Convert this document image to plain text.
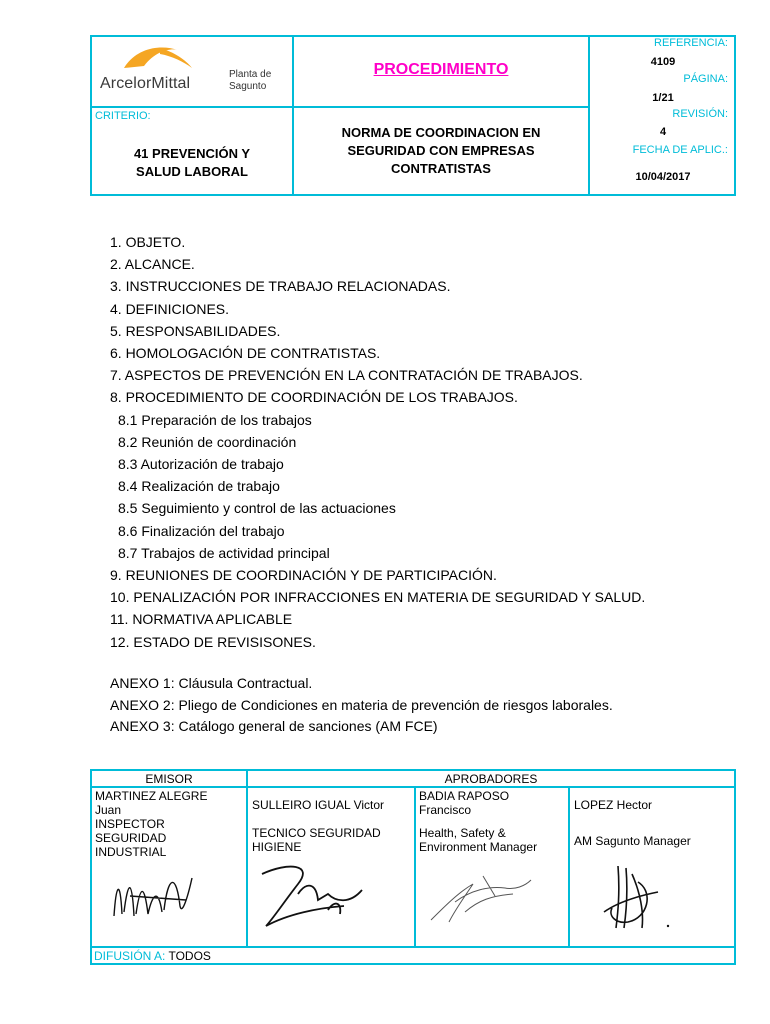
ArcelorMittal
Planta de
Sagunto
CRITERIO:
41 PREVENCIÓN Y
SALUD LABORAL
PROCEDIMIENTO
NORMA DE COORDINACION EN
SEGURIDAD CON EMPRESAS
CONTRATISTAS
REFERENCIA:
4109
PÁGINA:
1/21
REVISIÓN:
4
FECHA DE APLIC.:
10/04/2017
1. OBJETO.
2. ALCANCE.
3. INSTRUCCIONES DE TRABAJO RELACIONADAS.
4. DEFINICIONES.
5. RESPONSABILIDADES.
6. HOMOLOGACIÓN DE CONTRATISTAS.
7. ASPECTOS DE PREVENCIÓN EN LA CONTRATACIÓN DE TRABAJOS.
8. PROCEDIMIENTO DE COORDINACIÓN DE LOS TRABAJOS.
8.1 Preparación de los trabajos
8.2 Reunión de coordinación
8.3 Autorización de trabajo
8.4 Realización de trabajo
8.5 Seguimiento y control de las actuaciones
8.6 Finalización del trabajo
8.7 Trabajos de actividad principal
9. REUNIONES DE COORDINACIÓN Y DE PARTICIPACIÓN.
10. PENALIZACIÓN POR INFRACCIONES EN MATERIA DE SEGURIDAD Y SALUD.
11. NORMATIVA APLICABLE
12. ESTADO DE REVISISONES.
ANEXO 1: Cláusula Contractual.
ANEXO 2: Pliego de Condiciones en materia de prevención de riesgos laborales.
ANEXO 3: Catálogo general de sanciones (AM FCE)
EMISOR	APROBADORES
MARTINEZ ALEGRE
Juan
INSPECTOR
SEGURIDAD
INDUSTRIAL
SULLEIRO IGUAL Victor
TECNICO SEGURIDAD
HIGIENE
BADIA RAPOSO
Francisco
Health, Safety &
Environment Manager
LOPEZ Hector
AM Sagunto Manager
DIFUSIÓN A: TODOS
